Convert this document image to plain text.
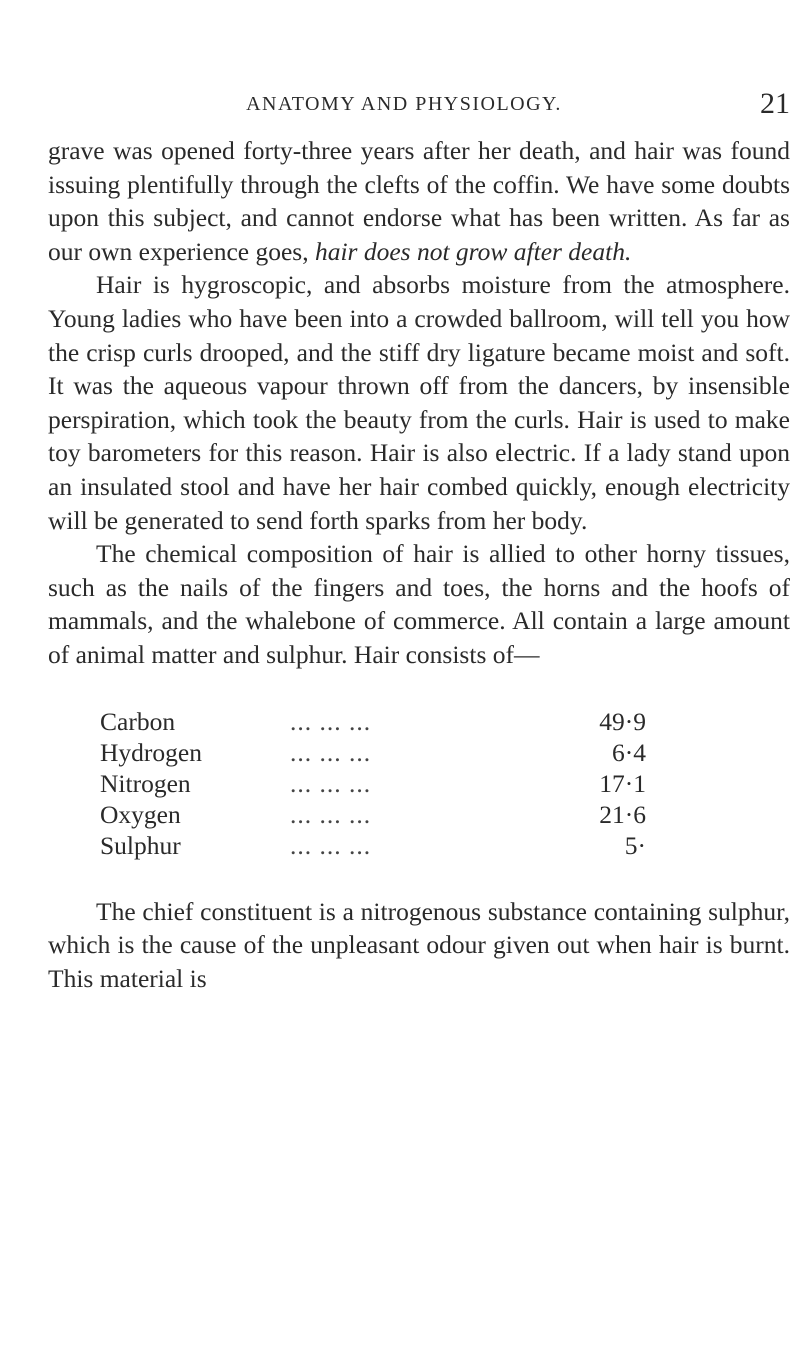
ANATOMY AND PHYSIOLOGY.	21

grave was opened forty-three years after her death, and hair was found issuing plentifully through the clefts of the coffin. We have some doubts upon this subject, and cannot endorse what has been written. As far as our own experience goes, hair does not grow after death.

Hair is hygroscopic, and absorbs moisture from the atmosphere. Young ladies who have been into a crowded ballroom, will tell you how the crisp curls drooped, and the stiff dry ligature became moist and soft. It was the aqueous vapour thrown off from the dancers, by insensible perspiration, which took the beauty from the curls. Hair is used to make toy barometers for this reason. Hair is also electric. If a lady stand upon an insulated stool and have her hair combed quickly, enough electricity will be generated to send forth sparks from her body.

The chemical composition of hair is allied to other horny tissues, such as the nails of the fingers and toes, the horns and the hoofs of mammals, and the whalebone of commerce. All contain a large amount of animal matter and sulphur. Hair consists of—

Carbon	... ... ...	49·9
Hydrogen	... ... ...	6·4
Nitrogen	... ... ...	17·1
Oxygen	... ... ...	21·6
Sulphur	... ... ...	5·

The chief constituent is a nitrogenous substance containing sulphur, which is the cause of the unpleasant odour given out when hair is burnt. This material is
